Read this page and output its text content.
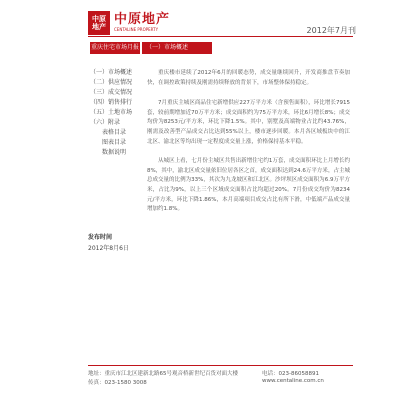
中原
地产 中原地产
CENTALINE PROPERTY	2012年7月刊
重庆住宅市场月报	（一）市场概述
（一）市场概述
（二）供应情况
（三）成交情况
（四）销售排行
（五）土地市场
（六）附录
表格目录
图表目录
数据说明
发布时间
2012年8月6日

重庆楼市延续了2012年6月的回暖态势，成交量继续回升，开发商推盘节奏加快，在调控政策持续及刚需持续释放的背景下，市场整体保持稳定。

7月重庆主城区商品住宅新增供应227万平方米（含预售面积），环比增长7915套，较前期增加近70万平方米；成交面积约为75万平方米，环比6月增长8%；成交均价为8253元/平方米，环比下降1.5%。其中，别墅及高端物业占比约43.76%，刚需及改善型产品成交占比达到55%以上，楼市逐步回暖。本月各区域板块中的江北区、渝北区等均出现一定程度成交量上涨，价格保持基本平稳。

从城区上看，七月份主城区共售出新增住宅约1万套，成交面积环比上月增长约8%，其中，渝北区成交量依旧位居各区之首，成交面积达到24.6万平方米，占主城总成交量的比例为33%，其次为九龙坡区和江北区。沙坪坝区成交面积为6.9万平方米，占比为9%，以上三个区域成交面积占比均超过20%。7月份成交均价为8234元/平方米，环比下降1.86%，本月高端项目成交占比有所下滑，中低端产品成交量增加约1.8%。

地址：重庆市江北区建新北路65号观音桥新世纪百货对面大楼	电话：023-86058891
传真：023-1580 3008	www.centaline.com.cn
